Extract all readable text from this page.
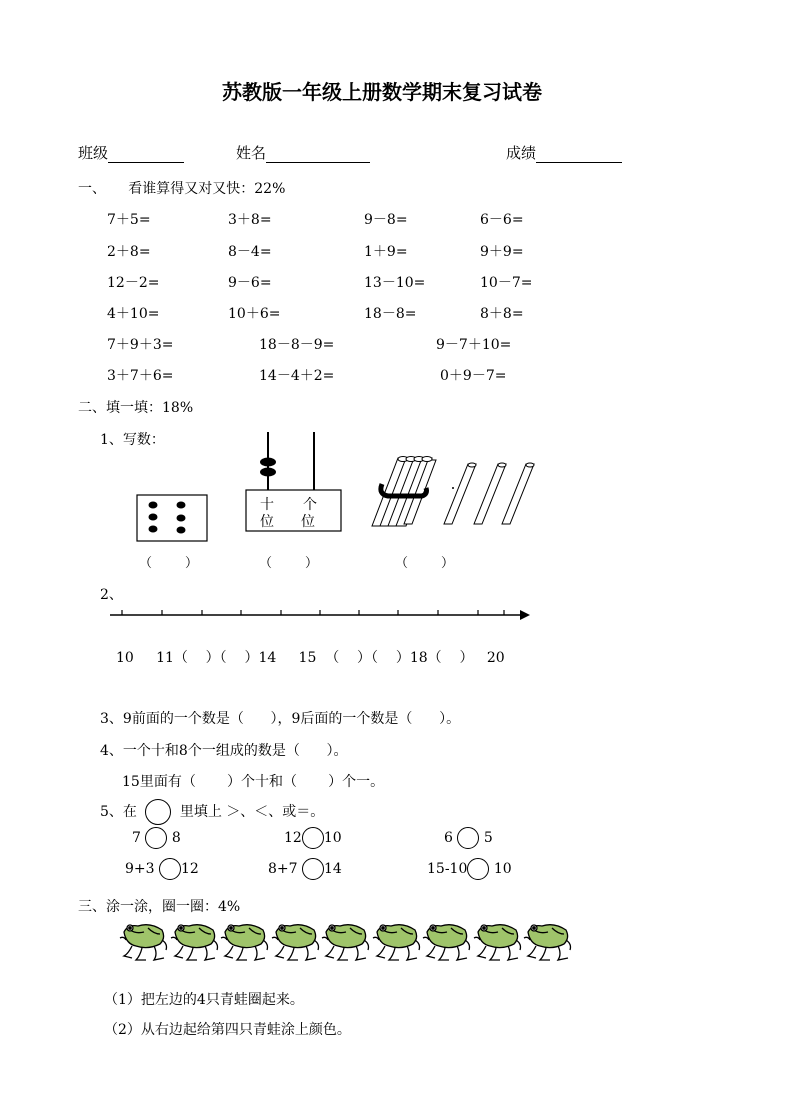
苏教版一年级上册数学期末复习试卷
班级	姓名	成绩
一、     看谁算得又对又快：22%
7＋5=	3＋8=	9－8=	6－6=
2＋8=	8－4=	1＋9=	9＋9=
12－2=	9－6=	13－10=	10－7=
4＋10=	10＋6=	18－8=	8＋8=
7＋9＋3=	18－8－9=	9－7＋10=
3＋7＋6=	14－4＋2=	0＋9－7=
二、填一填：18%
1、写数：
十
位
个
位
（        ）	（        ）	（        ）
2、
10     11（    ）（    ）14     15  （    ）（    ）18（    ）   20
3、9前面的一个数是（      ），9后面的一个数是（      ）。
4、一个十和8个一组成的数是（      ）。
15里面有（       ）个十和（       ）个一。
5、在	里填上 ＞、＜、或＝。
7 8	12 10	6 5
9+3 12	8+7 14	15-10 10
三、涂一涂，圈一圈：4%
（1）把左边的4只青蛙圈起来。
（2）从右边起给第四只青蛙涂上颜色。
